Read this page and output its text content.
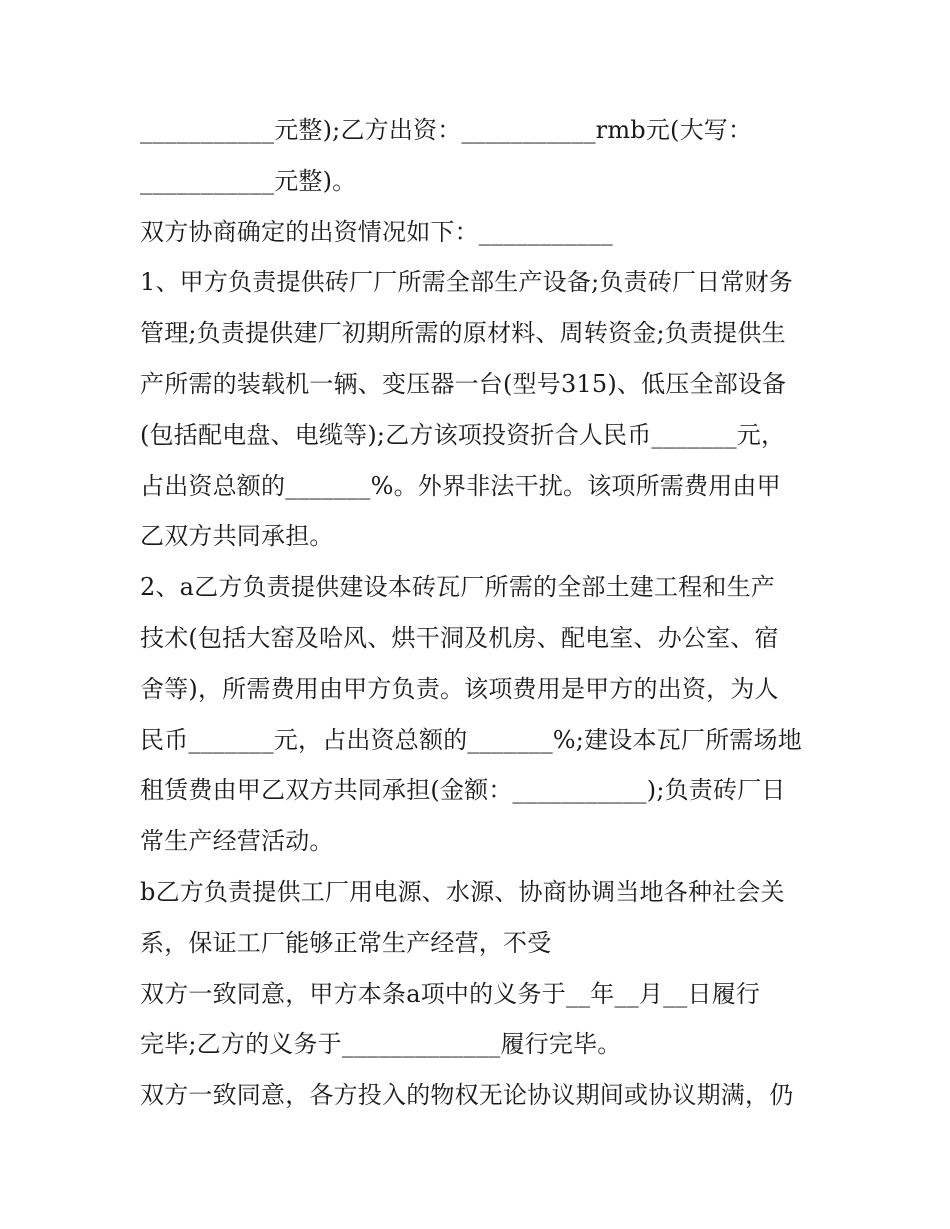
___________元整);乙方出资：___________rmb元(大写：
___________元整)。
双方协商确定的出资情况如下：___________
1、甲方负责提供砖厂厂所需全部生产设备;负责砖厂日常财务
管理;负责提供建厂初期所需的原材料、周转资金;负责提供生
产所需的装载机一辆、变压器一台(型号315)、低压全部设备
(包括配电盘、电缆等);乙方该项投资折合人民币_______元，
占出资总额的_______%。外界非法干扰。该项所需费用由甲
乙双方共同承担。
2、a乙方负责提供建设本砖瓦厂所需的全部土建工程和生产
技术(包括大窑及哈风、烘干洞及机房、配电室、办公室、宿
舍等)，所需费用由甲方负责。该项费用是甲方的出资，为人
民币_______元，占出资总额的_______%;建设本瓦厂所需场地
租赁费由甲乙双方共同承担(金额：___________);负责砖厂日
常生产经营活动。
b乙方负责提供工厂用电源、水源、协商协调当地各种社会关
系，保证工厂能够正常生产经营，不受
双方一致同意，甲方本条a项中的义务于__年__月__日履行
完毕;乙方的义务于_____________履行完毕。
双方一致同意，各方投入的物权无论协议期间或协议期满，仍
